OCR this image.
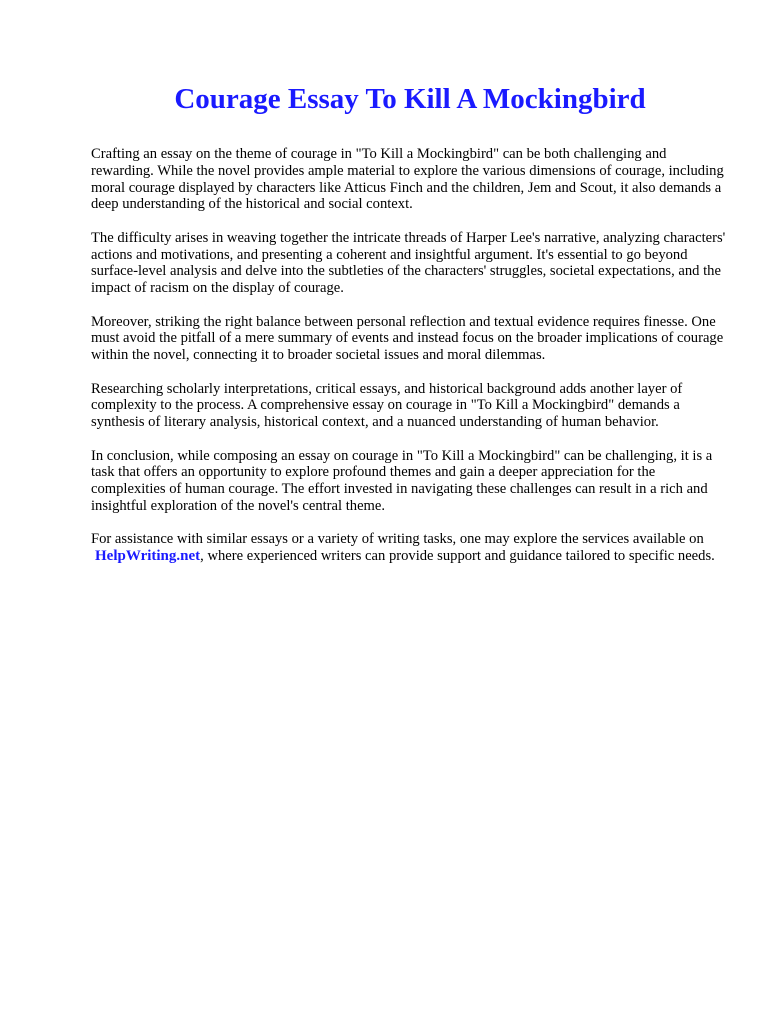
Courage Essay To Kill A Mockingbird

Crafting an essay on the theme of courage in "To Kill a Mockingbird" can be both challenging and rewarding. While the novel provides ample material to explore the various dimensions of courage, including moral courage displayed by characters like Atticus Finch and the children, Jem and Scout, it also demands a deep understanding of the historical and social context.

The difficulty arises in weaving together the intricate threads of Harper Lee's narrative, analyzing characters' actions and motivations, and presenting a coherent and insightful argument. It's essential to go beyond surface-level analysis and delve into the subtleties of the characters' struggles, societal expectations, and the impact of racism on the display of courage.

Moreover, striking the right balance between personal reflection and textual evidence requires finesse. One must avoid the pitfall of a mere summary of events and instead focus on the broader implications of courage within the novel, connecting it to broader societal issues and moral dilemmas.

Researching scholarly interpretations, critical essays, and historical background adds another layer of complexity to the process. A comprehensive essay on courage in "To Kill a Mockingbird" demands a synthesis of literary analysis, historical context, and a nuanced understanding of human behavior.

In conclusion, while composing an essay on courage in "To Kill a Mockingbird" can be challenging, it is a task that offers an opportunity to explore profound themes and gain a deeper appreciation for the complexities of human courage. The effort invested in navigating these challenges can result in a rich and insightful exploration of the novel's central theme.

For assistance with similar essays or a variety of writing tasks, one may explore the services available on HelpWriting.net, where experienced writers can provide support and guidance tailored to specific needs.
